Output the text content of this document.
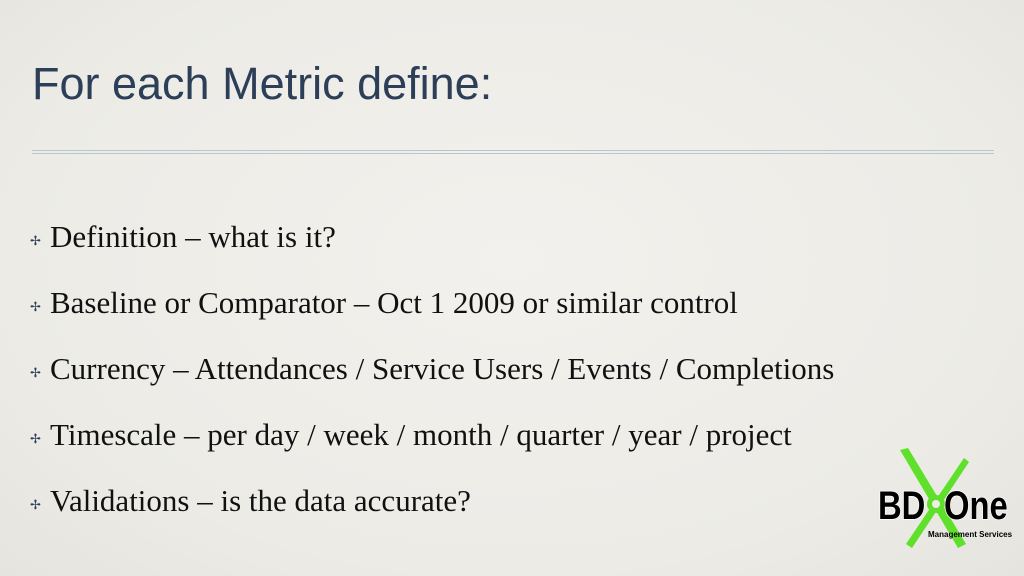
For each Metric define:
✢ Definition – what is it?
✢ Baseline or Comparator – Oct 1 2009 or similar control
✢ Currency – Attendances / Service Users / Events / Completions
✢ Timescale – per day / week / month / quarter / year / project
✢ Validations – is the data accurate?	BD One
Management Services
